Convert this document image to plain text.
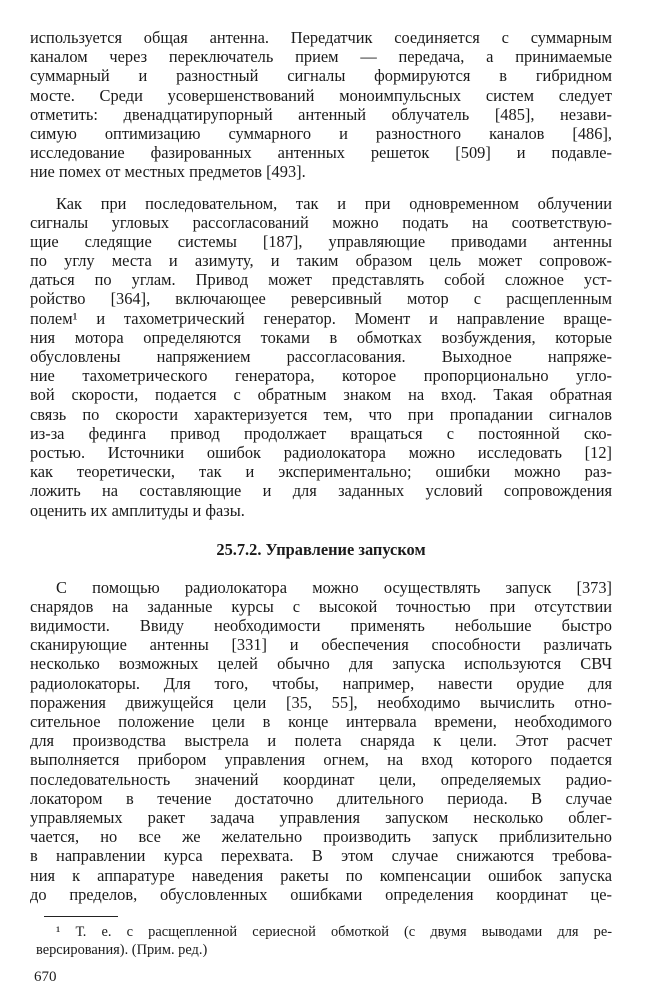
используется общая антенна. Передатчик соединяется с суммарным
каналом через переключатель прием — передача, а принимаемые
суммарный и разностный сигналы формируются в гибридном
мосте. Среди усовершенствований моноимпульсных систем следует
отметить: двенадцатирупорный антенный облучатель [485], незави-
симую оптимизацию суммарного и разностного каналов [486],
исследование фазированных антенных решеток [509] и подавле-
ние помех от местных предметов [493].
Как при последовательном, так и при одновременном облучении
сигналы угловых рассогласований можно подать на соответствую-
щие следящие системы [187], управляющие приводами антенны
по углу места и азимуту, и таким образом цель может сопровож-
даться по углам. Привод может представлять собой сложное уст-
ройство [364], включающее реверсивный мотор с расщепленным
полем¹ и тахометрический генератор. Момент и направление враще-
ния мотора определяются токами в обмотках возбуждения, которые
обусловлены напряжением рассогласования. Выходное напряже-
ние тахометрического генератора, которое пропорционально угло-
вой скорости, подается с обратным знаком на вход. Такая обратная
связь по скорости характеризуется тем, что при пропадании сигналов
из-за фединга привод продолжает вращаться с постоянной ско-
ростью. Источники ошибок радиолокатора можно исследовать [12]
как теоретически, так и экспериментально; ошибки можно раз-
ложить на составляющие и для заданных условий сопровождения
оценить их амплитуды и фазы.
25.7.2. Управление запуском
С помощью радиолокатора можно осуществлять запуск [373]
снарядов на заданные курсы с высокой точностью при отсутствии
видимости. Ввиду необходимости применять небольшие быстро
сканирующие антенны [331] и обеспечения способности различать
несколько возможных целей обычно для запуска используются СВЧ
радиолокаторы. Для того, чтобы, например, навести орудие для
поражения движущейся цели [35, 55], необходимо вычислить отно-
сительное положение цели в конце интервала времени, необходимого
для производства выстрела и полета снаряда к цели. Этот расчет
выполняется прибором управления огнем, на вход которого подается
последовательность значений координат цели, определяемых радио-
локатором в течение достаточно длительного периода. В случае
управляемых ракет задача управления запуском несколько облег-
чается, но все же желательно производить запуск приблизительно
в направлении курса перехвата. В этом случае снижаются требова-
ния к аппаратуре наведения ракеты по компенсации ошибок запуска
до пределов, обусловленных ошибками определения координат це-
¹ Т. е. с расщепленной сериесной обмоткой (с двумя выводами для ре-
версирования). (Прим. ред.)
670
